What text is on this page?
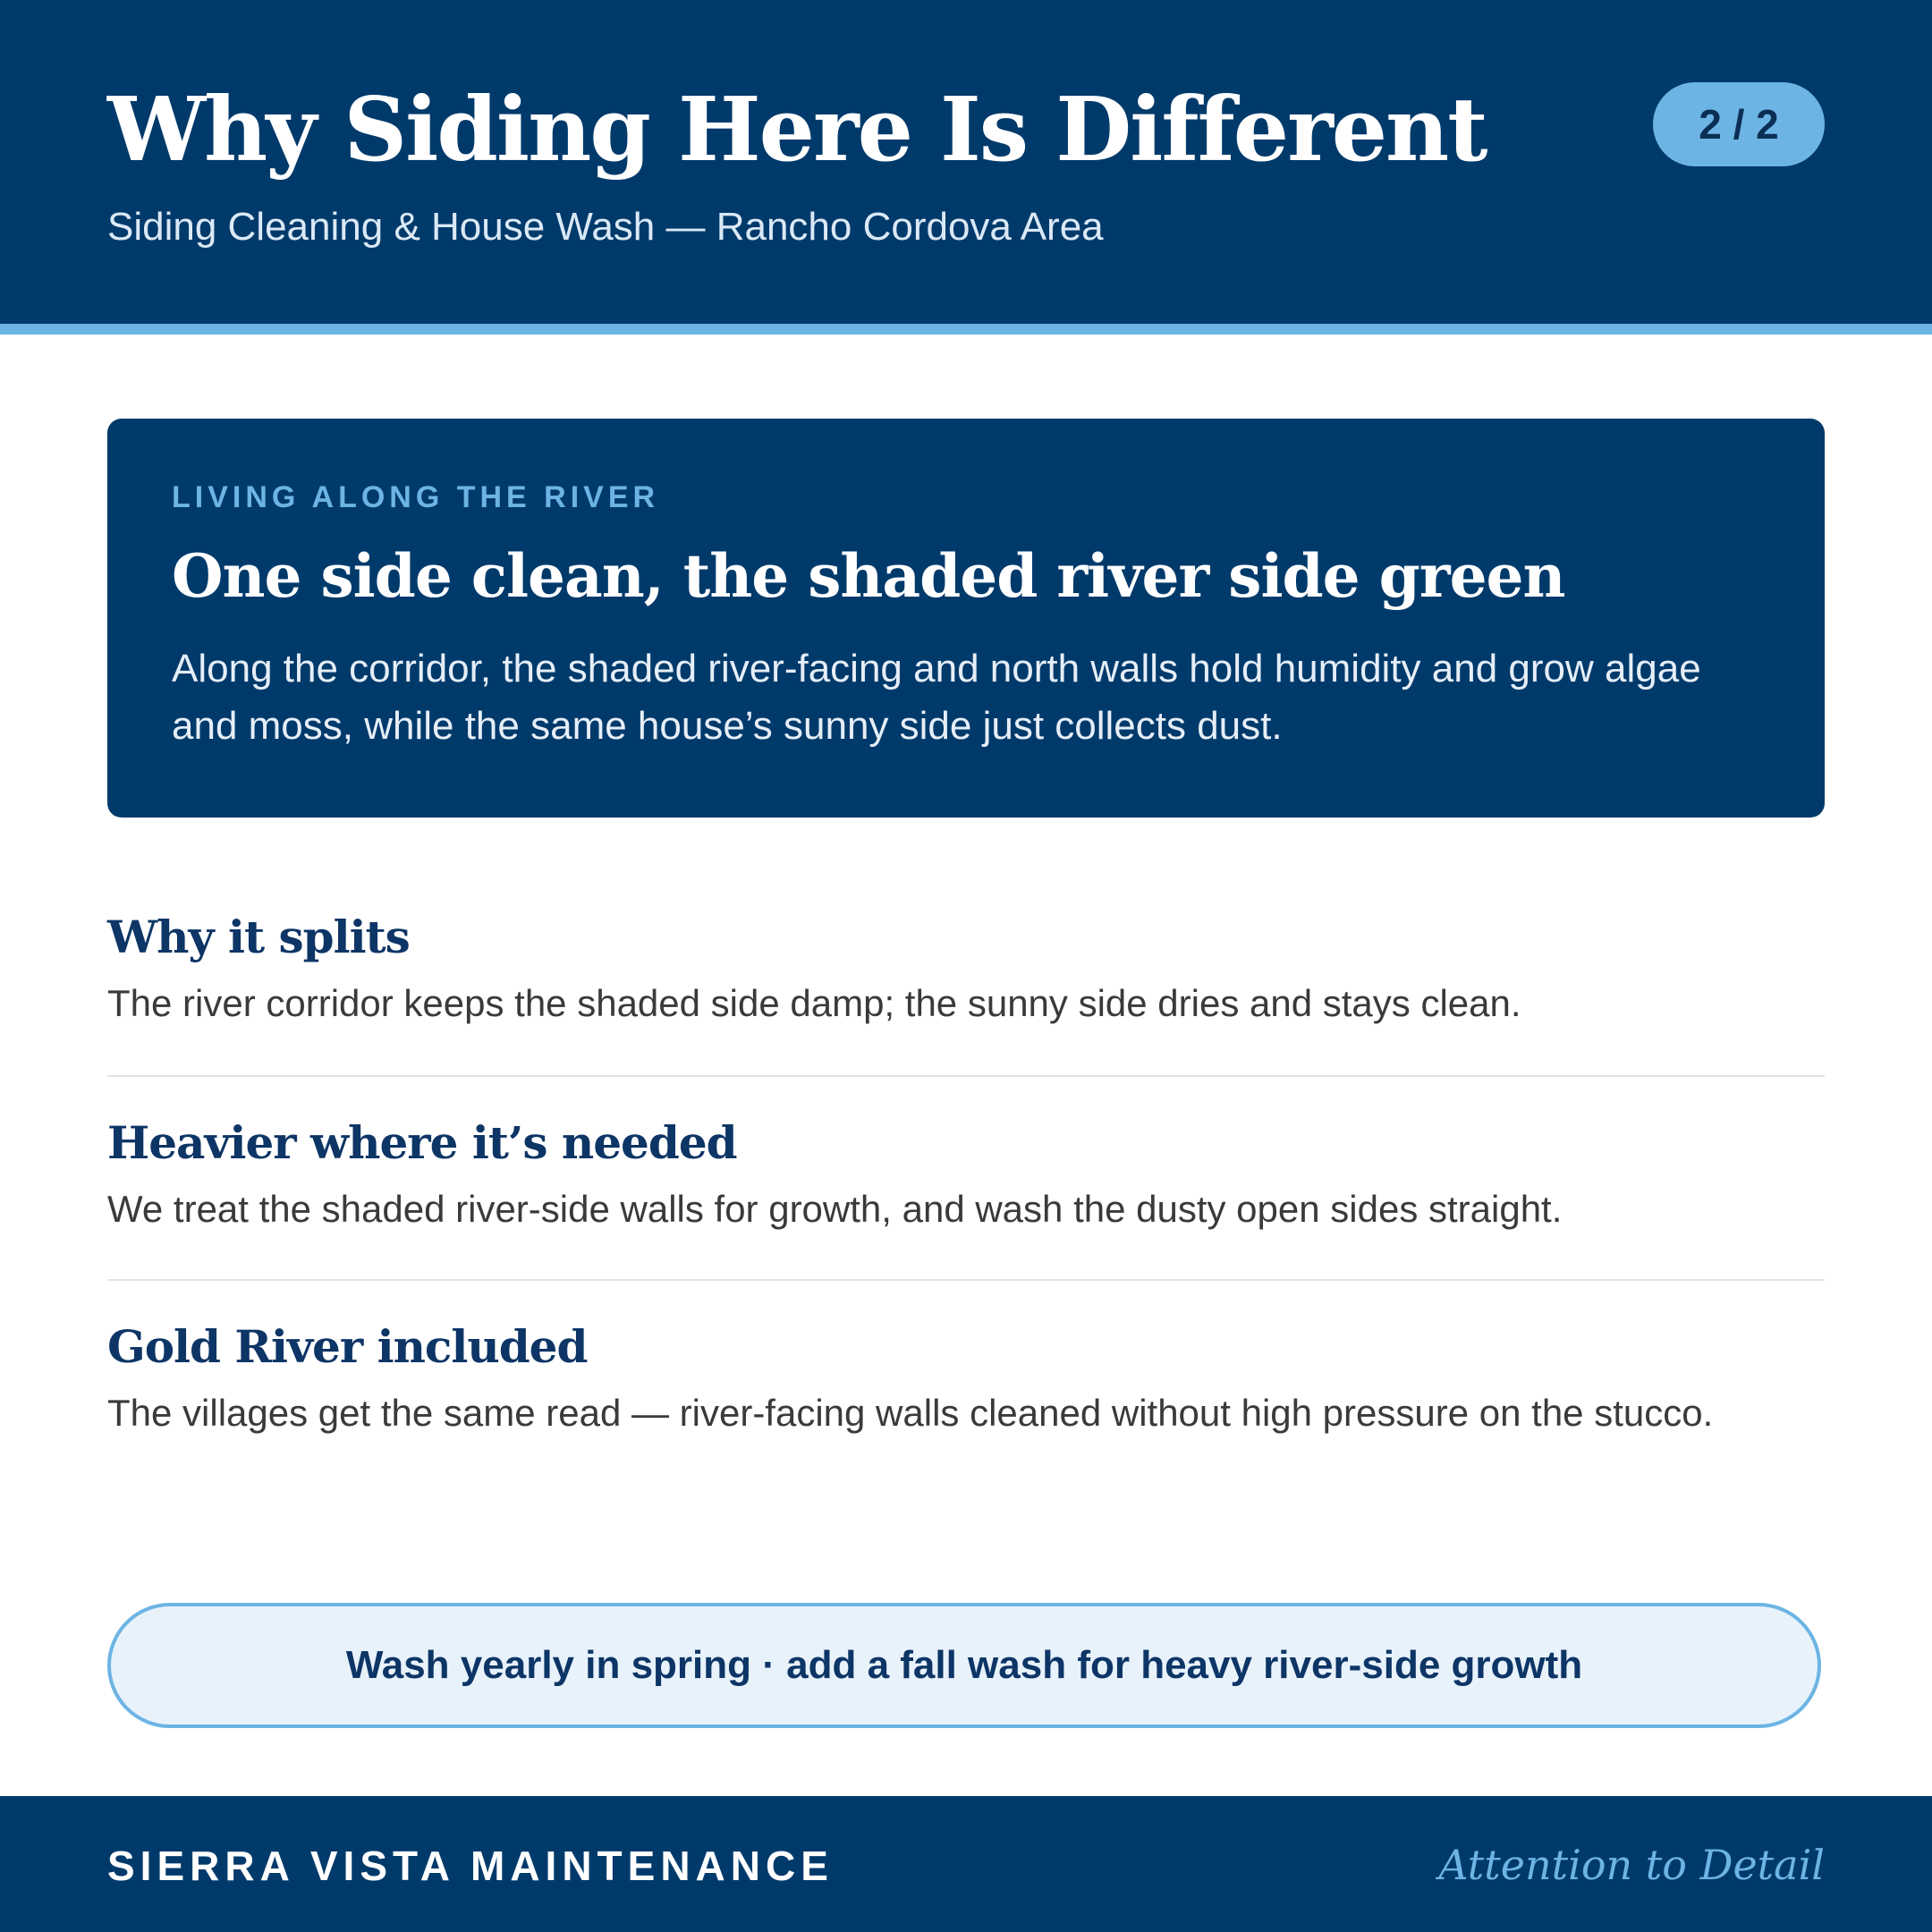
Why Siding Here Is Different
Siding Cleaning & House Wash — Rancho Cordova Area
2 / 2
LIVING ALONG THE RIVER
One side clean, the shaded river side green

Along the corridor, the shaded river-facing and north walls hold humidity and grow algae and moss, while the same house’s sunny side just collects dust.

Why it splits

The river corridor keeps the shaded side damp; the sunny side dries and stays clean.

Heavier where it’s needed

We treat the shaded river-side walls for growth, and wash the dusty open sides straight.

Gold River included

The villages get the same read — river-facing walls cleaned without high pressure on the stucco.

Wash yearly in spring · add a fall wash for heavy river-side growth
SIERRA VISTA MAINTENANCE	Attention to Detail
